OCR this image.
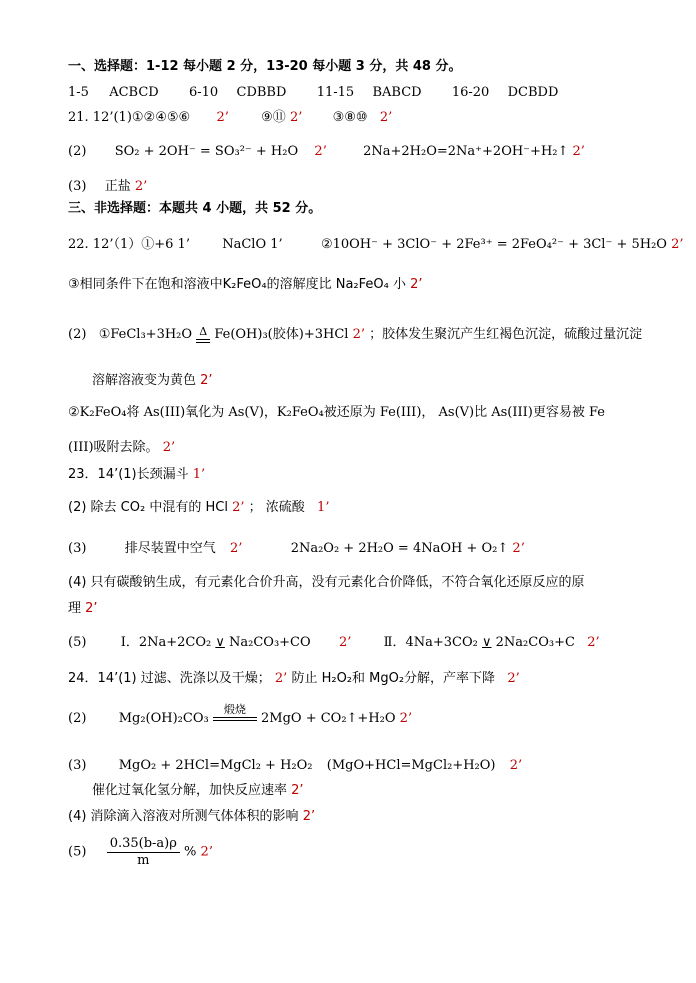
一、选择题：1-12 每小题 2 分，13-20 每小题 3 分，共 48 分。
1-5 ACBCD 6-10 CDBBD 11-15 BABCD 16-20 DCBDD
21. 12’(1)①②④⑤⑥ 2’ ⑨⑪ 2’ ③⑧⑩ 2’
(2) SO₂ + 2OH⁻ = SO₃²⁻ + H₂O 2’	2Na+2H₂O=2Na⁺+2OH⁻+H₂↑ 2’
(3) 正盐 2’
三、非选择题：本题共 4 小题，共 52 分。
22. 12’（1）①+6 1’ NaClO 1’	②10OH⁻ + 3ClO⁻ + 2Fe³⁺ = 2FeO₄²⁻ + 3Cl⁻ + 5H₂O 2’
③相同条件下在饱和溶液中K₂FeO₄的溶解度比 Na₂FeO₄ 小 2’
(2) ①FeCl₃+3H₂O Δ Fe(OH)₃(胶体)+3HCl 2’ ；胶体发生聚沉产生红褐色沉淀，硫酸过量沉淀
溶解溶液变为黄色 2’
②K₂FeO₄将 As(III)氧化为 As(V)，K₂FeO₄被还原为 Fe(III)， As(V)比 As(III)更容易被 Fe
(III)吸附去除。 2’
23．14’(1)长颈漏斗 1’
(2) 除去 CO₂ 中混有的 HCl 2’ ； 浓硫酸 1’
(3)	排尽装置中空气 2’	2Na₂O₂ + 2H₂O = 4NaOH + O₂↑ 2’
(4) 只有碳酸钠生成，有元素化合价升高，没有元素化合价降低，不符合氧化还原反应的原
理 2’
(5)	Ⅰ．2Na+2CO₂ ∨ Na₂CO₃+CO 2’ Ⅱ．4Na+3CO₂ ∨ 2Na₂CO₃+C 2’
24．14’(1) 过滤、洗涤以及干燥； 2’ 防止 H₂O₂和 MgO₂分解，产率下降 2’
(2) Mg₂(OH)₂CO₃
煅烧
2MgO + CO₂↑+H₂O 2’
(3) MgO₂ + 2HCl=MgCl₂ + H₂O₂ (MgO+HCl=MgCl₂+H₂O) 2’
催化过氧化氢分解，加快反应速率 2’
(4) 消除滴入溶液对所测气体体积的影响 2’
$(5) \frac{0.35(b-a)\rho}{m}$ % 2’
